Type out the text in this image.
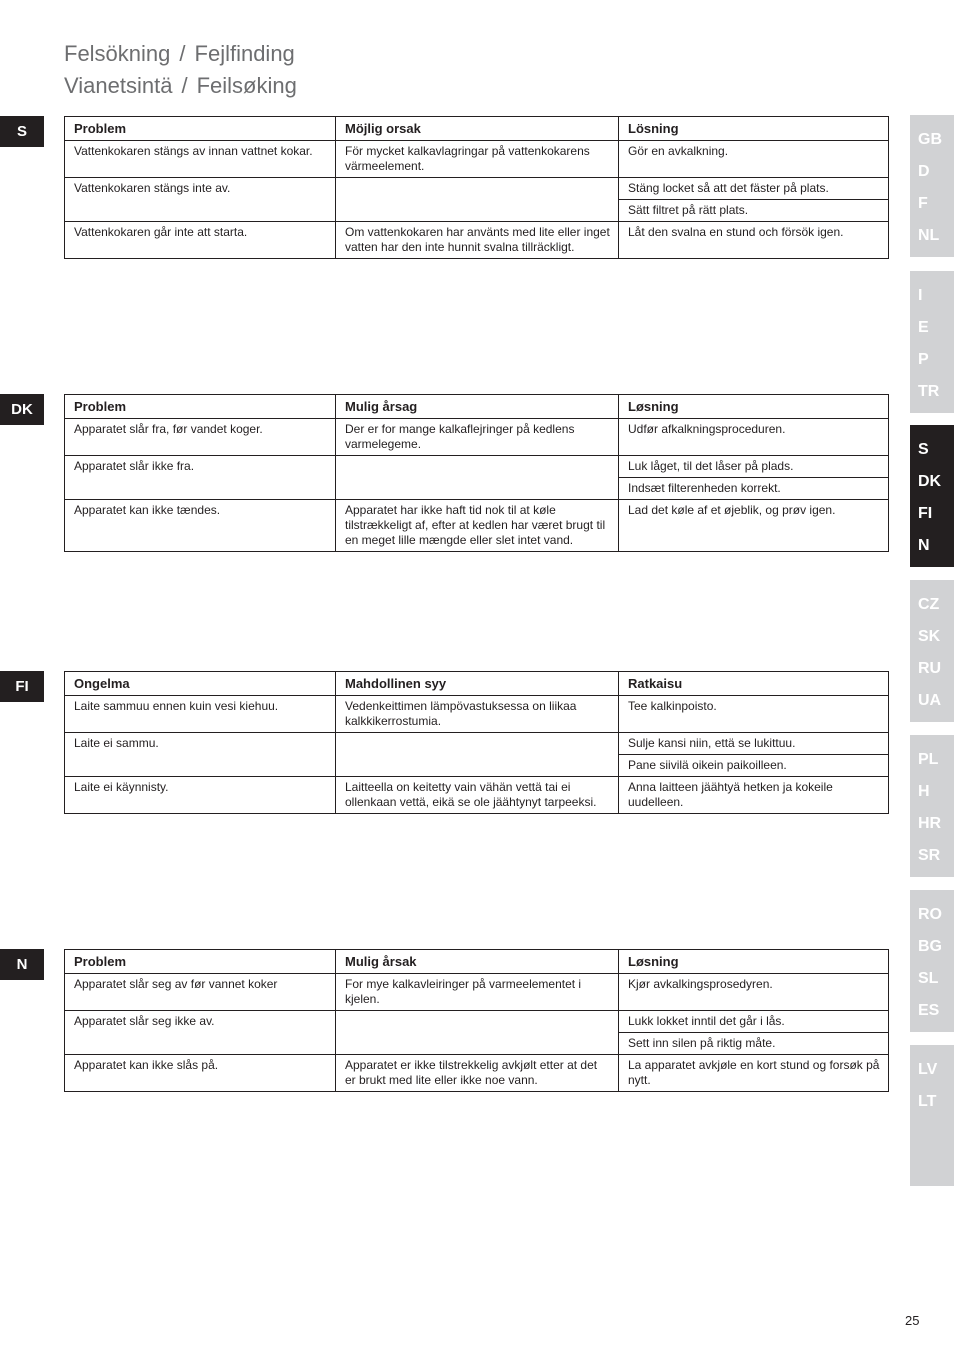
Felsökning / Fejlfinding
Vianetsintä / Feilsøking
S	Problem	Möjlig orsak	Lösning
Vattenkokaren stängs av innan vattnet kokar.	För mycket kalkavlagringar på vattenkokarens värmeelement.	Gör en avkalkning.
Vattenkokaren stängs inte av.		Stäng locket så att det fäster på plats.
		Sätt filtret på rätt plats.
Vattenkokaren går inte att starta.	Om vattenkokaren har använts med lite eller inget vatten har den inte hunnit svalna tillräckligt.	Låt den svalna en stund och försök igen.
DK	Problem	Mulig årsag	Løsning
Apparatet slår fra, før vandet koger.	Der er for mange kalkaflejringer på kedlens varmelegeme.	Udfør afkalkningsproceduren.
Apparatet slår ikke fra.		Luk låget, til det låser på plads.
		Indsæt filterenheden korrekt.
Apparatet kan ikke tændes.	Apparatet har ikke haft tid nok til at køle tilstrækkeligt af, efter at kedlen har været brugt til en meget lille mængde eller slet intet vand.	Lad det køle af et øjeblik, og prøv igen.
FI	Ongelma	Mahdollinen syy	Ratkaisu
Laite sammuu ennen kuin vesi kiehuu.	Vedenkeittimen lämpövastuksessa on liikaa kalkkikerrostumia.	Tee kalkinpoisto.
Laite ei sammu.		Sulje kansi niin, että se lukittuu.
		Pane siivilä oikein paikoilleen.
Laite ei käynnisty.	Laitteella on keitetty vain vähän vettä tai ei ollenkaan vettä, eikä se ole jäähtynyt tarpeeksi.	Anna laitteen jäähtyä hetken ja kokeile uudelleen.
N	Problem	Mulig årsak	Løsning
Apparatet slår seg av før vannet koker	For mye kalkavleiringer på varmeelementet i kjelen.	Kjør avkalkingsprosedyren.
Apparatet slår seg ikke av.		Lukk lokket inntil det går i lås.
		Sett inn silen på riktig måte.
Apparatet kan ikke slås på.	Apparatet er ikke tilstrekkelig avkjølt etter at det er brukt med lite eller ikke noe vann.	La apparatet avkjøle en kort stund og forsøk på nytt.
GB
D
F
NL
I
E
P
TR
S
DK
FI
N
CZ
SK
RU
UA
PL
H
HR
SR
RO
BG
SL
ES
LV
LT
25
